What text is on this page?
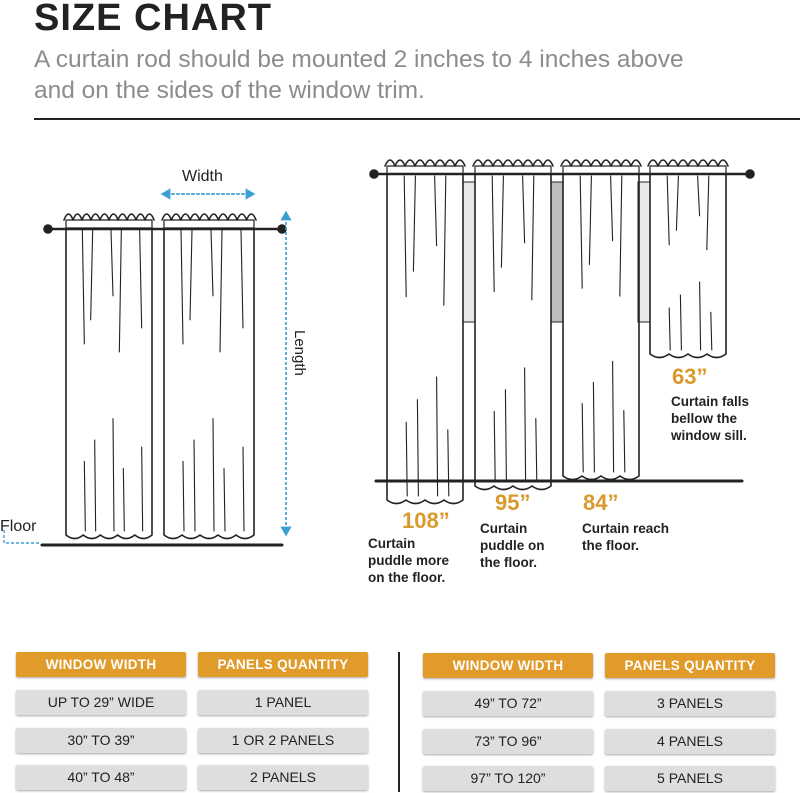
SIZE CHART
A curtain rod should be mounted 2 inches to 4 inches above
and on the sides of the window trim.
Width
Length
Floor	108”
Curtain
puddle more
on the floor.
95”
Curtain
puddle on
the floor.
84”
Curtain reach
the floor.
63”
Curtain falls
bellow the
window sill.
WINDOW WIDTH	PANELS QUANTITY
UP TO 29” WIDE	1 PANEL
30” TO 39”	1 OR 2 PANELS
40” TO 48”	2 PANELS
WINDOW WIDTH	PANELS QUANTITY
49” TO 72”	3 PANELS
73” TO 96”	4 PANELS
97” TO 120”	5 PANELS
